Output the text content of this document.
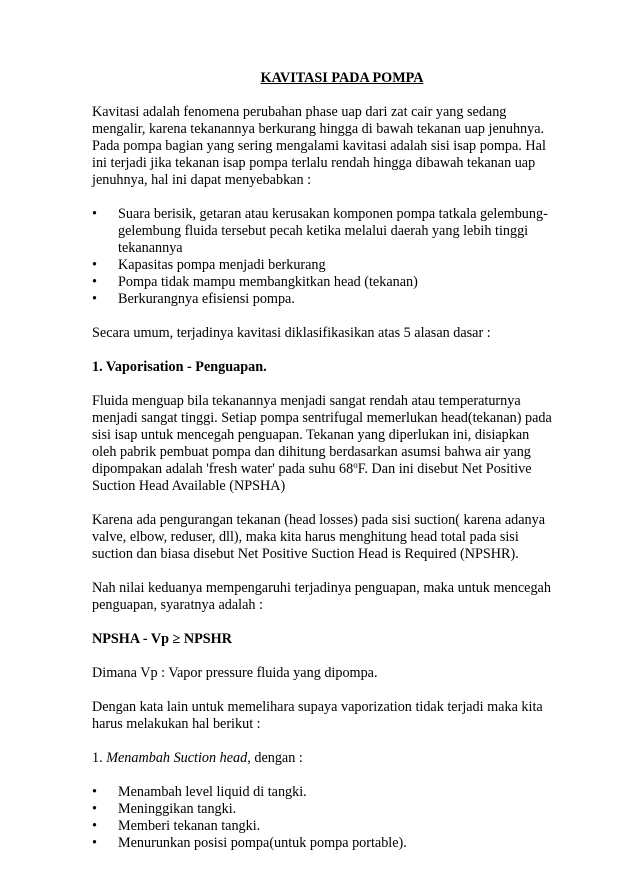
KAVITASI PADA POMPA

Kavitasi adalah fenomena perubahan phase uap dari zat cair yang sedang mengalir, karena tekanannya berkurang hingga di bawah tekanan uap jenuhnya. Pada pompa bagian yang sering mengalami kavitasi adalah sisi isap pompa. Hal ini terjadi jika tekanan isap pompa terlalu rendah hingga dibawah tekanan uap jenuhnya, hal ini dapat menyebabkan :

•	Suara berisik, getaran atau kerusakan komponen pompa tatkala gelembung-gelembung fluida tersebut pecah ketika melalui daerah yang lebih tinggi tekanannya
•	Kapasitas pompa menjadi berkurang
•	Pompa tidak mampu membangkitkan head (tekanan)
•	Berkurangnya efisiensi pompa.

Secara umum, terjadinya kavitasi diklasifikasikan atas 5 alasan dasar :

1. Vaporisation - Penguapan.

Fluida menguap bila tekanannya menjadi sangat rendah atau temperaturnya menjadi sangat tinggi. Setiap pompa sentrifugal memerlukan head(tekanan) pada sisi isap untuk mencegah penguapan. Tekanan yang diperlukan ini, disiapkan oleh pabrik pembuat pompa dan dihitung berdasarkan asumsi bahwa air yang dipompakan adalah 'fresh water' pada suhu 68$^o$F. Dan ini disebut Net Positive Suction Head Available (NPSHA)

Karena ada pengurangan tekanan (head losses) pada sisi suction( karena adanya valve, elbow, reduser, dll), maka kita harus menghitung head total pada sisi suction dan biasa disebut Net Positive Suction Head is Required (NPSHR).

Nah nilai keduanya mempengaruhi terjadinya penguapan, maka untuk mencegah penguapan, syaratnya adalah :

NPSHA - Vp ≥ NPSHR

Dimana Vp : Vapor pressure fluida yang dipompa.

Dengan kata lain untuk memelihara supaya vaporization tidak terjadi maka kita harus melakukan hal berikut :

1. Menambah Suction head, dengan :

•	Menambah level liquid di tangki.
•	Meninggikan tangki.
•	Memberi tekanan tangki.
•	Menurunkan posisi pompa(untuk pompa portable).
